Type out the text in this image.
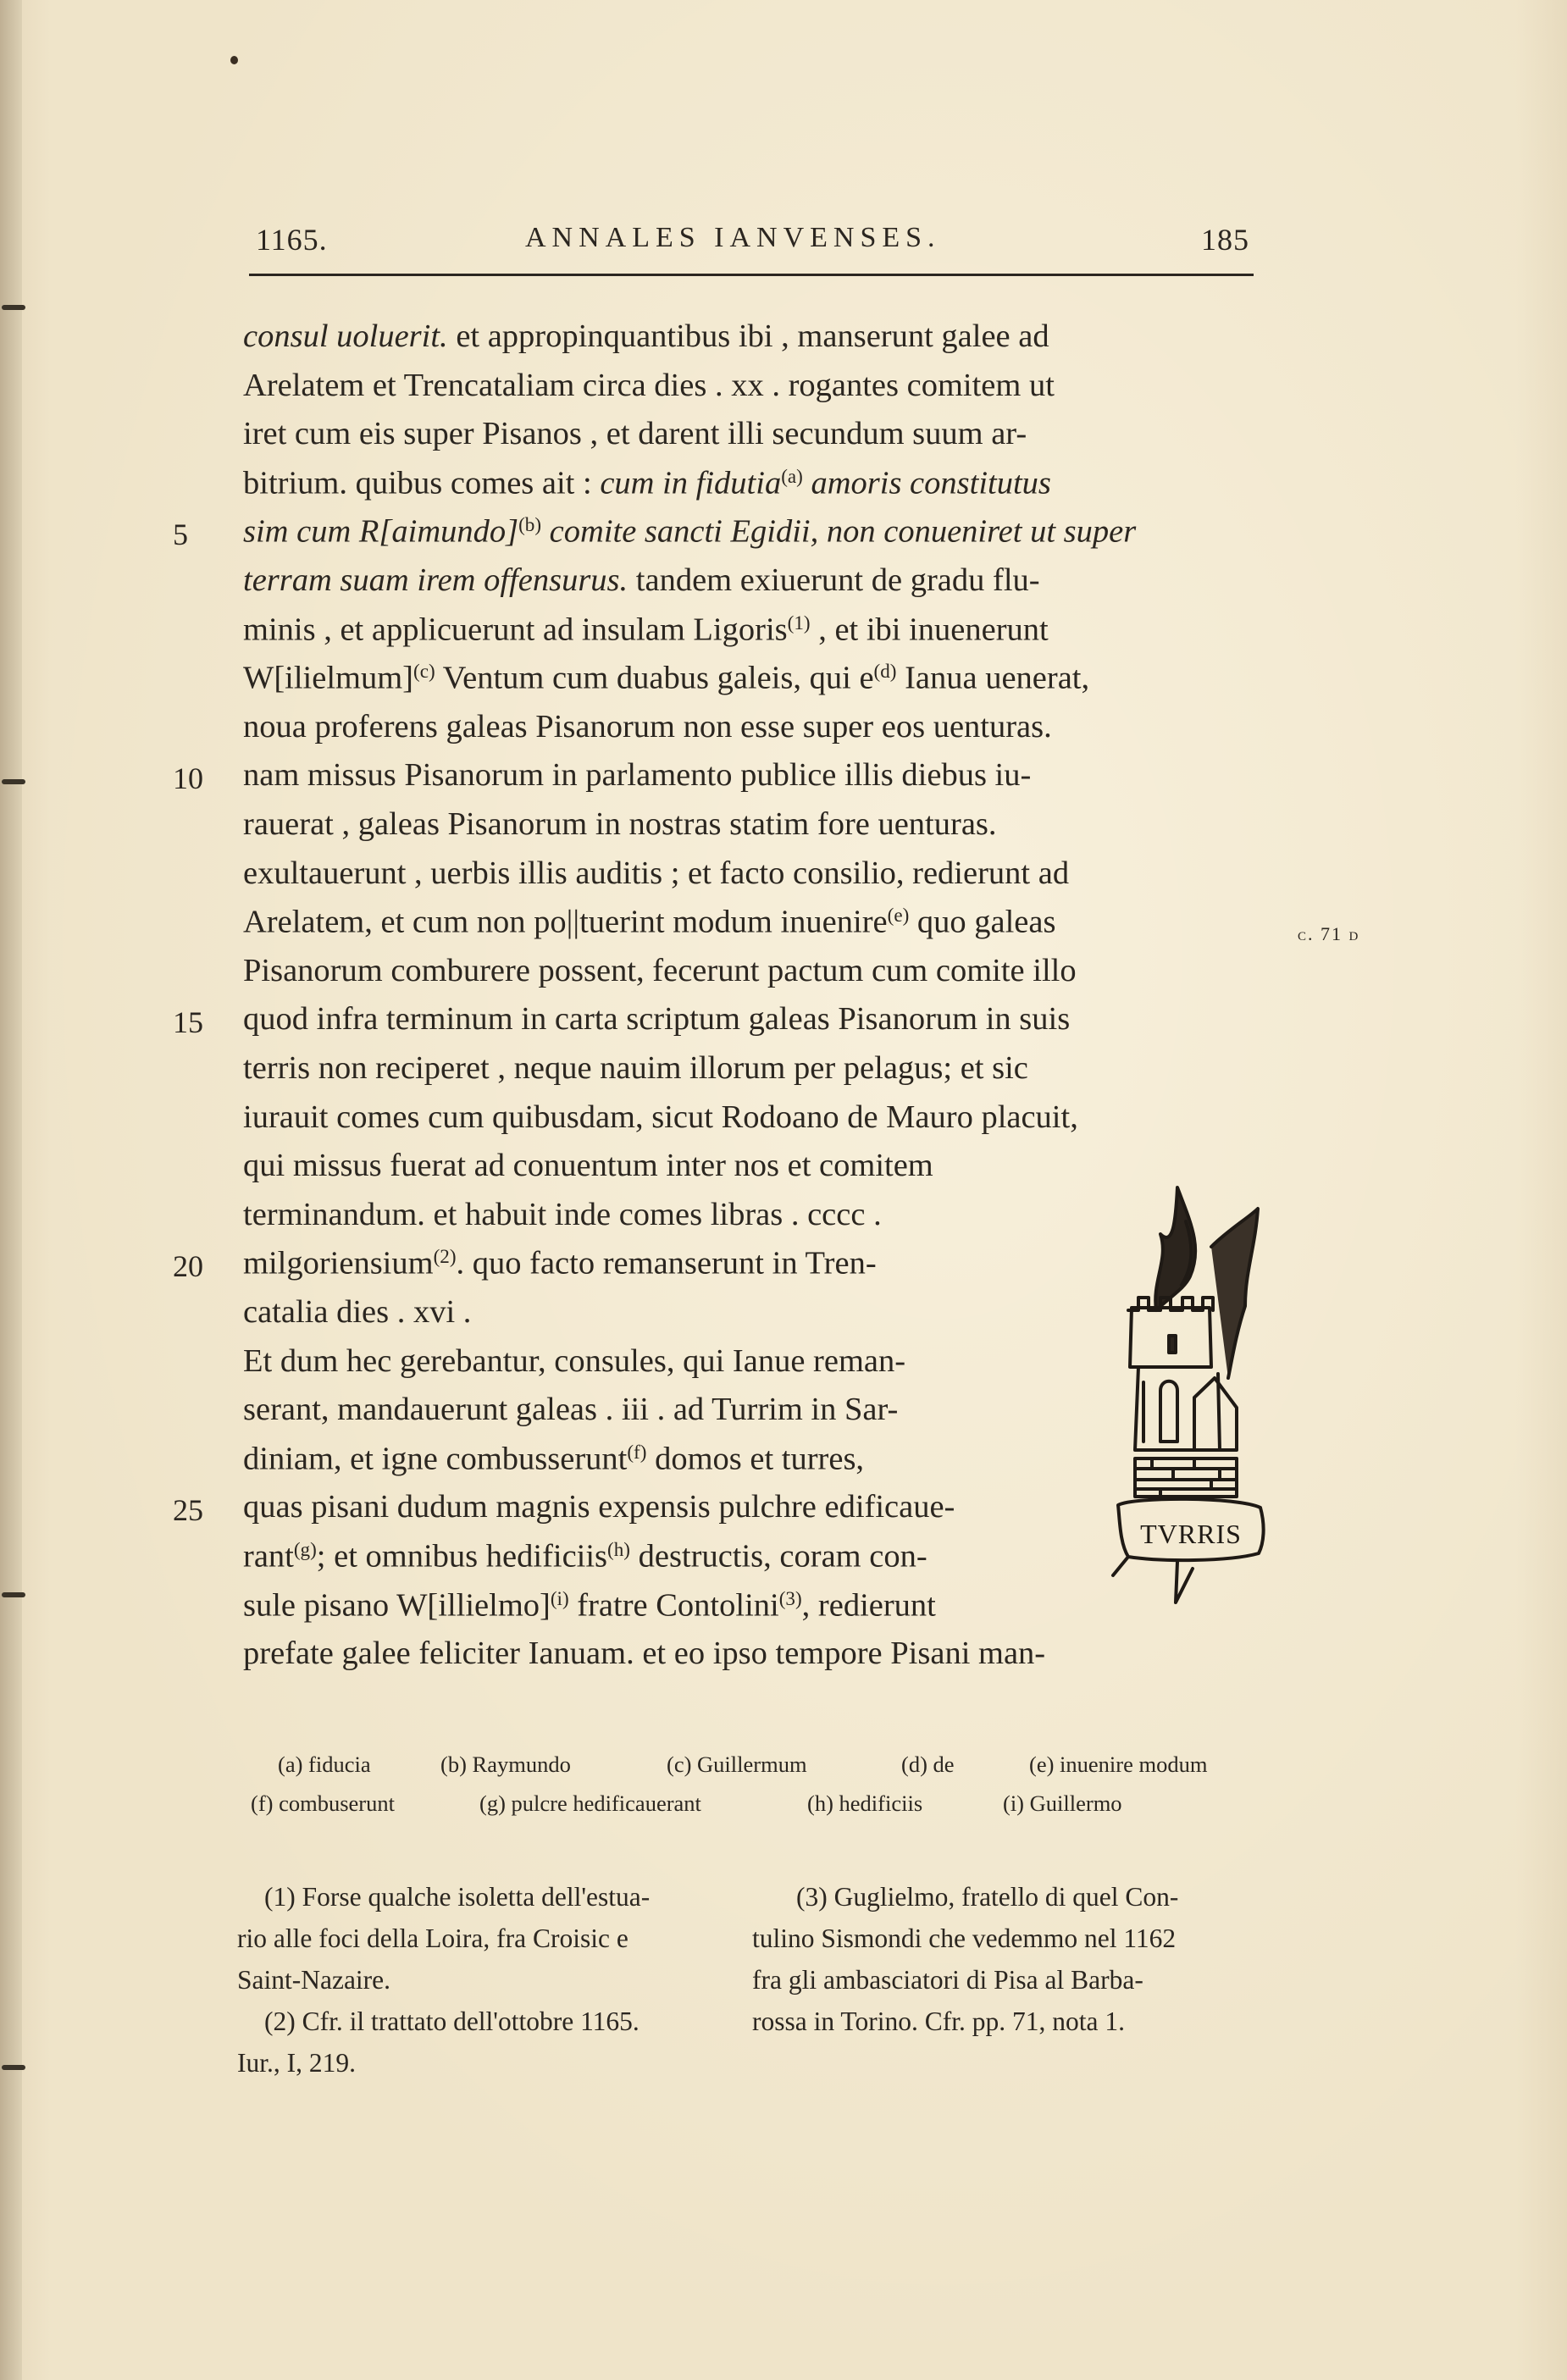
1165.	ANNALES IANVENSES.	185
consul uoluerit. et appropinquantibus ibi , manserunt galee ad
Arelatem et Trencataliam circa dies . xx . rogantes comitem ut
iret cum eis super Pisanos , et darent illi secundum suum ar-
bitrium. quibus comes ait : cum in fidutia$^{(a)}$ amoris constitutus
sim cum R[aimundo]$^{(b)}$ comite sancti Egidii, non conueniret ut super
5
terram suam irem offensurus. tandem exiuerunt de gradu flu-
minis , et applicuerunt ad insulam Ligoris$^{(1)}$ , et ibi inuenerunt
W[ilielmum]$^{(c)}$ Ventum cum duabus galeis, qui $e^{(d)}$ Ianua uenerat,
noua proferens galeas Pisanorum non esse super eos uenturas.
nam missus Pisanorum in parlamento publice illis diebus iu-
10
rauerat , galeas Pisanorum in nostras statim fore uenturas.
exultauerunt , uerbis illis auditis ; et facto consilio, redierunt ad
Arelatem, et cum non po||tuerint modum inuenire$^{(e)}$ quo galeas
Pisanorum comburere possent, fecerunt pactum cum comite illo
quod infra terminum in carta scriptum galeas Pisanorum in suis
15
terris non reciperet , neque nauim illorum per pelagus; et sic
iurauit comes cum quibusdam, sicut Rodoano de Mauro placuit,
qui missus fuerat ad conuentum inter nos et comitem
terminandum. et habuit inde comes libras . cccc .
milgoriensium$^{(2)}$. quo facto remanserunt in Tren-
20
catalia dies . xvi .
Et dum hec gerebantur, consules, qui Ianue reman-
serant, mandauerunt galeas . iii . ad Turrim in Sar-
diniam, et igne combusserunt$^{(f)}$ domos et turres,
quas pisani dudum magnis expensis pulchre edificaue-
25
rant$^{(g)}$; et omnibus hedificiis$^{(h)}$ destructis, coram con-
sule pisano W[illielmo]$^{(i)}$ fratre Contolini$^{(3)}$, redierunt
prefate galee feliciter Ianuam. et eo ipso tempore Pisani man-
c. 71 d
TVRRIS
(a) fiducia	(b) Raymundo	(c) Guillermum	(d) de	(e) inuenire modum
(f) combuserunt	(g) pulcre hedificauerant	(h) hedificiis	(i) Guillermo
(1) Forse qualche isoletta dell'estua-
rio alle foci della Loira, fra Croisic e
Saint-Nazaire.
(2) Cfr. il trattato dell'ottobre 1165.
Iur., I, 219.
(3) Guglielmo, fratello di quel Con-
tulino Sismondi che vedemmo nel 1162
fra gli ambasciatori di Pisa al Barba-
rossa in Torino. Cfr. pp. 71, nota 1.
